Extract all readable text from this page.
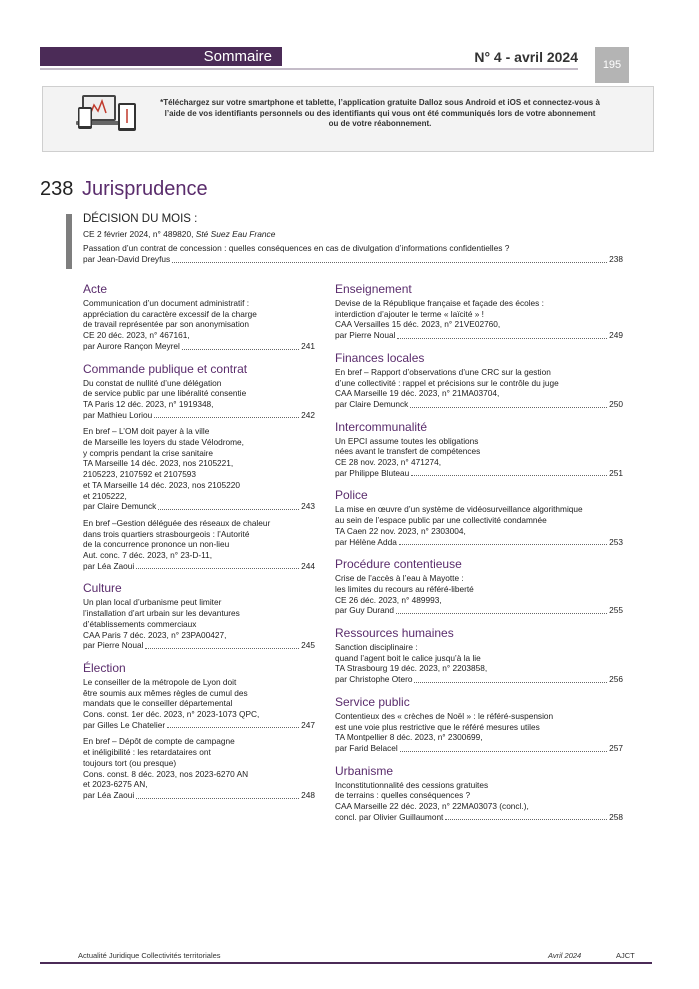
Sommaire	N° 4 - avril 2024	195
*Téléchargez sur votre smartphone et tablette, l’application gratuite Dalloz sous Android et iOS et connectez-vous à l’aide de vos identifiants personnels ou des identifiants qui vous ont été communiqués lors de votre abonnement ou de votre réabonnement.
238 Jurisprudence
DÉCISION DU MOIS :
CE 2 février 2024, n° 489820, Sté Suez Eau France
Passation d’un contrat de concession : quelles conséquences en cas de divulgation d’informations confidentielles ?
par Jean-David Dreyfus	238
Acte
Communication d’un document administratif :
appréciation du caractère excessif de la charge
de travail représentée par son anonymisation
CE 20 déc. 2023, n° 467161,
par Aurore Rançon Meyrel	241
Commande publique et contrat
Du constat de nullité d’une délégation
de service public par une libéralité consentie
TA Paris 12 déc. 2023, n° 1919348,
par Mathieu Loriou	242
En bref – L’OM doit payer à la ville
de Marseille les loyers du stade Vélodrome,
y compris pendant la crise sanitaire
TA Marseille 14 déc. 2023, nos 2105221,
2105223, 2107592 et 2107593
et TA Marseille 14 déc. 2023, nos 2105220
et 2105222,
par Claire Demunck	243
En bref –Gestion déléguée des réseaux de chaleur
dans trois quartiers strasbourgeois : l’Autorité
de la concurrence prononce un non-lieu
Aut. conc. 7 déc. 2023, n° 23-D-11,
par Léa Zaoui	244
Culture
Un plan local d’urbanisme peut limiter
l’installation d’art urbain sur les devantures
d’établissements commerciaux
CAA Paris 7 déc. 2023, n° 23PA00427,
par Pierre Noual	245
Élection
Le conseiller de la métropole de Lyon doit
être soumis aux mêmes règles de cumul des
mandats que le conseiller départemental
Cons. const. 1er déc. 2023, n° 2023-1073 QPC,
par Gilles Le Chatelier	247
En bref – Dépôt de compte de campagne
et inéligibilité : les retardataires ont
toujours tort (ou presque)
Cons. const. 8 déc. 2023, nos 2023-6270 AN
et 2023-6275 AN,
par Léa Zaoui	248
Enseignement
Devise de la République française et façade des écoles :
interdiction d’ajouter le terme « laïcité » !
CAA Versailles 15 déc. 2023, n° 21VE02760,
par Pierre Noual	249
Finances locales
En bref – Rapport d’observations d’une CRC sur la gestion
d’une collectivité : rappel et précisions sur le contrôle du juge
CAA Marseille 19 déc. 2023, n° 21MA03704,
par Claire Demunck	250
Intercommunalité
Un EPCI assume toutes les obligations
nées avant le transfert de compétences
CE 28 nov. 2023, n° 471274,
par Philippe Bluteau	251
Police
La mise en œuvre d’un système de vidéosurveillance algorithmique
au sein de l’espace public par une collectivité condamnée
TA Caen 22 nov. 2023, n° 2303004,
par Hélène Adda	253
Procédure contentieuse
Crise de l’accès à l’eau à Mayotte :
les limites du recours au référé-liberté
CE 26 déc. 2023, n° 489993,
par Guy Durand	255
Ressources humaines
Sanction disciplinaire :
quand l’agent boit le calice jusqu’à la lie
TA Strasbourg 19 déc. 2023, n° 2203858,
par Christophe Otero	256
Service public
Contentieux des « crèches de Noël » : le référé-suspension
est une voie plus restrictive que le référé mesures utiles
TA Montpellier 8 déc. 2023, n° 2300699,
par Farid Belacel	257
Urbanisme
Inconstitutionnalité des cessions gratuites
de terrains : quelles conséquences ?
CAA Marseille 22 déc. 2023, n° 22MA03073 (concl.),
concl. par Olivier Guillaumont	258
Actualité Juridique Collectivités territoriales	Avril 2024	AJCT
